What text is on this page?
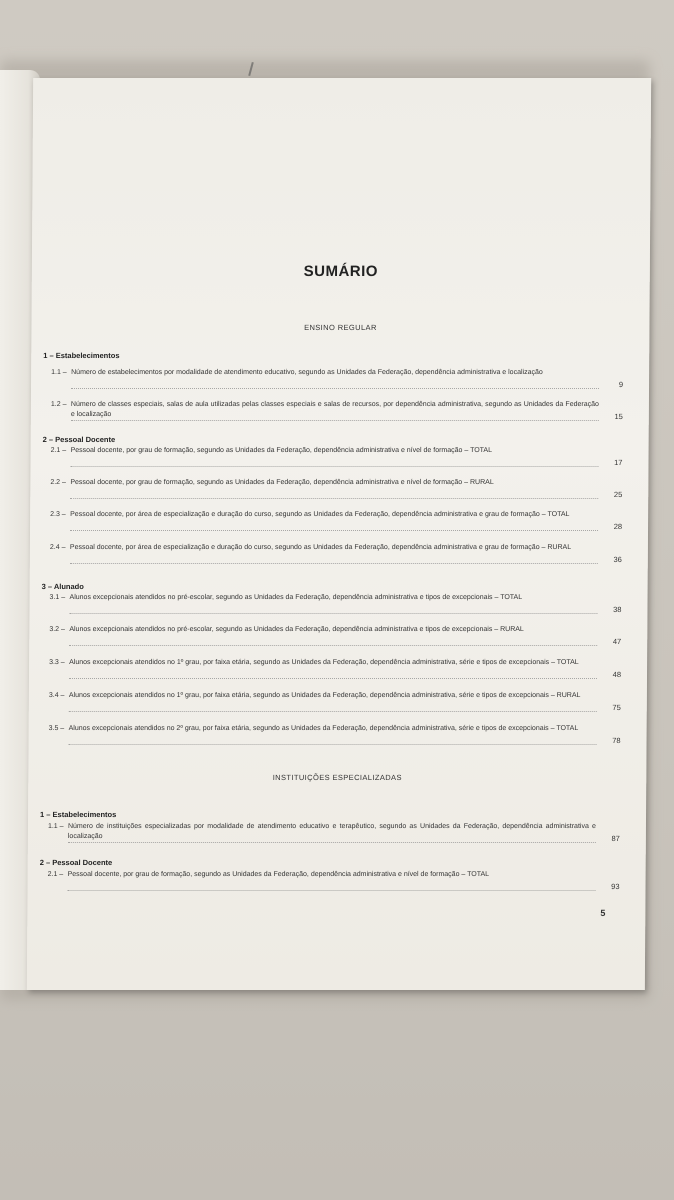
SUMÁRIO
5
ENSINO REGULAR
1 – Estabelecimentos
1.1 – Número de estabelecimentos por modalidade de atendimento educativo, segundo as Unidades da Federação, dependência administrativa e localização
9
1.2 – Número de classes especiais, salas de aula utilizadas pelas classes especiais e salas de recursos, por dependência administrativa, segundo as Unidades da Federação e localização	15
2 – Pessoal Docente
2.1 – Pessoal docente, por grau de formação, segundo as Unidades da Federação, dependência administrativa e nível de formação – TOTAL
17
2.2 – Pessoal docente, por grau de formação, segundo as Unidades da Federação, dependência administrativa e nível de formação – RURAL
25
2.3 – Pessoal docente, por área de especialização e duração do curso, segundo as Unidades da Federação, dependência administrativa e grau de formação – TOTAL
28
2.4 – Pessoal docente, por área de especialização e duração do curso, segundo as Unidades da Federação, dependência administrativa e grau de formação – RURAL
36
3 – Alunado
3.1 – Alunos excepcionais atendidos no pré-escolar, segundo as Unidades da Federação, dependência administrativa e tipos de excepcionais – TOTAL
38
3.2 – Alunos excepcionais atendidos no pré-escolar, segundo as Unidades da Federação, dependência administrativa e tipos de excepcionais – RURAL
47
3.3 – Alunos excepcionais atendidos no 1º grau, por faixa etária, segundo as Unidades da Federação, dependência administrativa, série e tipos de excepcionais – TOTAL
48
3.4 – Alunos excepcionais atendidos no 1º grau, por faixa etária, segundo as Unidades da Federação, dependência administrativa, série e tipos de excepcionais – RURAL
75
3.5 – Alunos excepcionais atendidos no 2º grau, por faixa etária, segundo as Unidades da Federação, dependência administrativa, série e tipos de excepcionais – TOTAL
78
INSTITUIÇÕES ESPECIALIZADAS
1 – Estabelecimentos
1.1 – Número de instituições especializadas por modalidade de atendimento educativo e terapêutico, segundo as Unidades da Federação, dependência administrativa e localização	87
2 – Pessoal Docente
2.1 – Pessoal docente, por grau de formação, segundo as Unidades da Federação, dependência administrativa e nível de formação – TOTAL
93
